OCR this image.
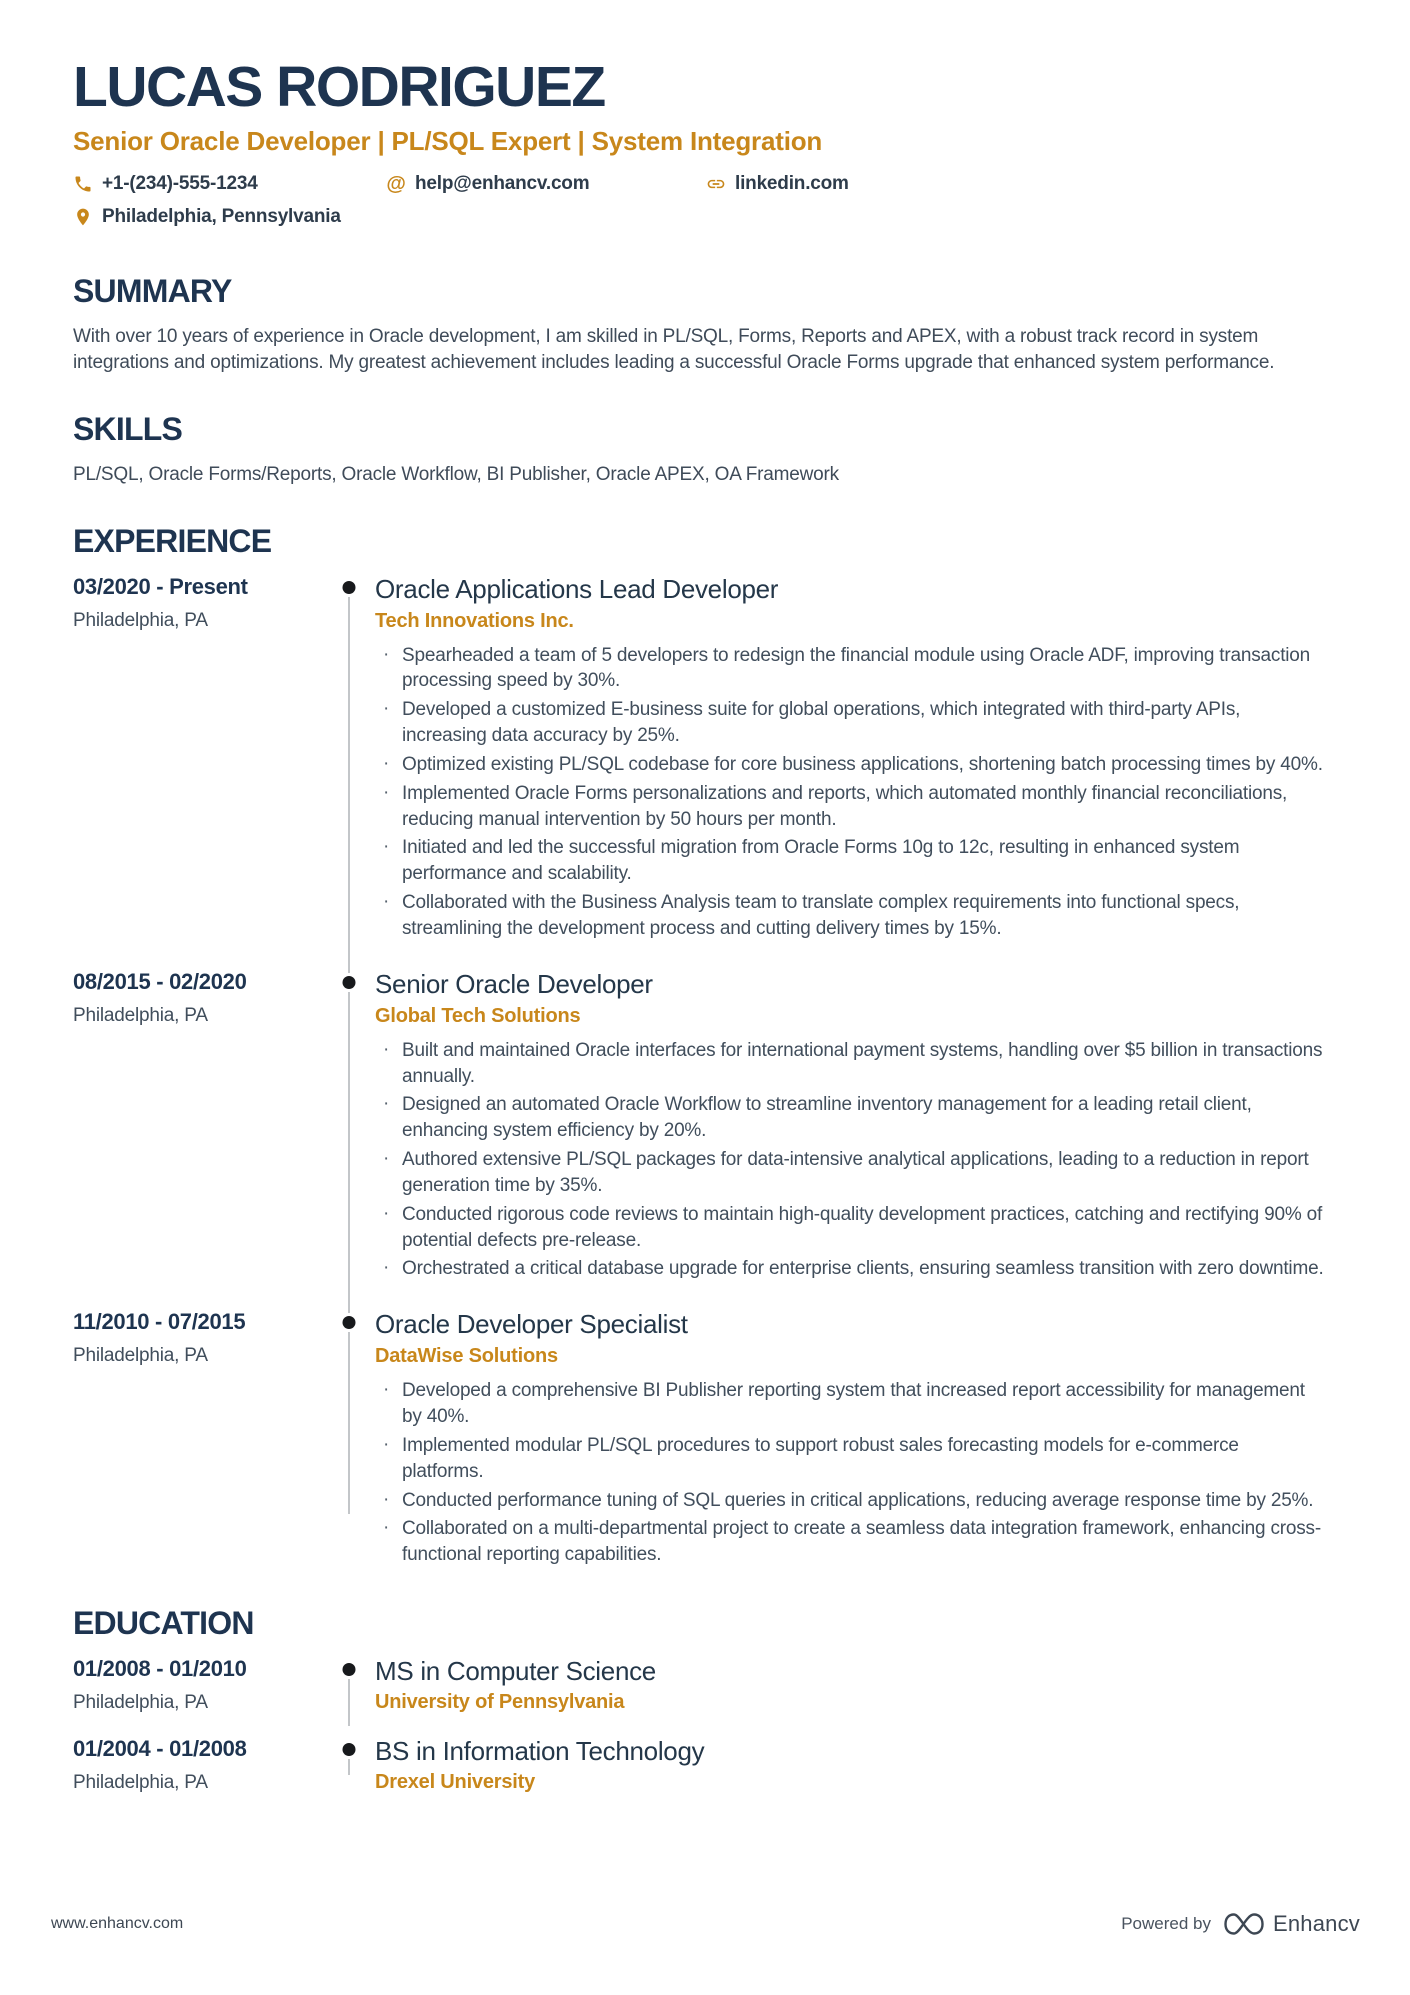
LUCAS RODRIGUEZ
Senior Oracle Developer | PL/SQL Expert | System Integration
+1-(234)-555-1234	@ help@enhancv.com	linkedin.com
Philadelphia, Pennsylvania
SUMMARY

With over 10 years of experience in Oracle development, I am skilled in PL/SQL, Forms, Reports and APEX, with a robust track record in system integrations and optimizations. My greatest achievement includes leading a successful Oracle Forms upgrade that enhanced system performance.

SKILLS

PL/SQL, Oracle Forms/Reports, Oracle Workflow, BI Publisher, Oracle APEX, OA Framework

EXPERIENCE
03/2020 - Present
Philadelphia, PA
Oracle Applications Lead Developer
Tech Innovations Inc.
· Spearheaded a team of 5 developers to redesign the financial module using Oracle ADF, improving transaction processing speed by 30%.
· Developed a customized E-business suite for global operations, which integrated with third-party APIs, increasing data accuracy by 25%.
· Optimized existing PL/SQL codebase for core business applications, shortening batch processing times by 40%.
· Implemented Oracle Forms personalizations and reports, which automated monthly financial reconciliations, reducing manual intervention by 50 hours per month.
· Initiated and led the successful migration from Oracle Forms 10g to 12c, resulting in enhanced system performance and scalability.
· Collaborated with the Business Analysis team to translate complex requirements into functional specs, streamlining the development process and cutting delivery times by 15%.
08/2015 - 02/2020
Philadelphia, PA
Senior Oracle Developer
Global Tech Solutions
· Built and maintained Oracle interfaces for international payment systems, handling over $5 billion in transactions annually.
· Designed an automated Oracle Workflow to streamline inventory management for a leading retail client, enhancing system efficiency by 20%.
· Authored extensive PL/SQL packages for data-intensive analytical applications, leading to a reduction in report generation time by 35%.
· Conducted rigorous code reviews to maintain high-quality development practices, catching and rectifying 90% of potential defects pre-release.
· Orchestrated a critical database upgrade for enterprise clients, ensuring seamless transition with zero downtime.
11/2010 - 07/2015
Philadelphia, PA
Oracle Developer Specialist
DataWise Solutions
· Developed a comprehensive BI Publisher reporting system that increased report accessibility for management by 40%.
· Implemented modular PL/SQL procedures to support robust sales forecasting models for e-commerce platforms.
· Conducted performance tuning of SQL queries in critical applications, reducing average response time by 25%.
· Collaborated on a multi-departmental project to create a seamless data integration framework, enhancing cross-functional reporting capabilities.
EDUCATION
01/2008 - 01/2010
Philadelphia, PA
MS in Computer Science
University of Pennsylvania
01/2004 - 01/2008
Philadelphia, PA
BS in Information Technology
Drexel University
www.enhancv.com	Powered by	Enhancv
